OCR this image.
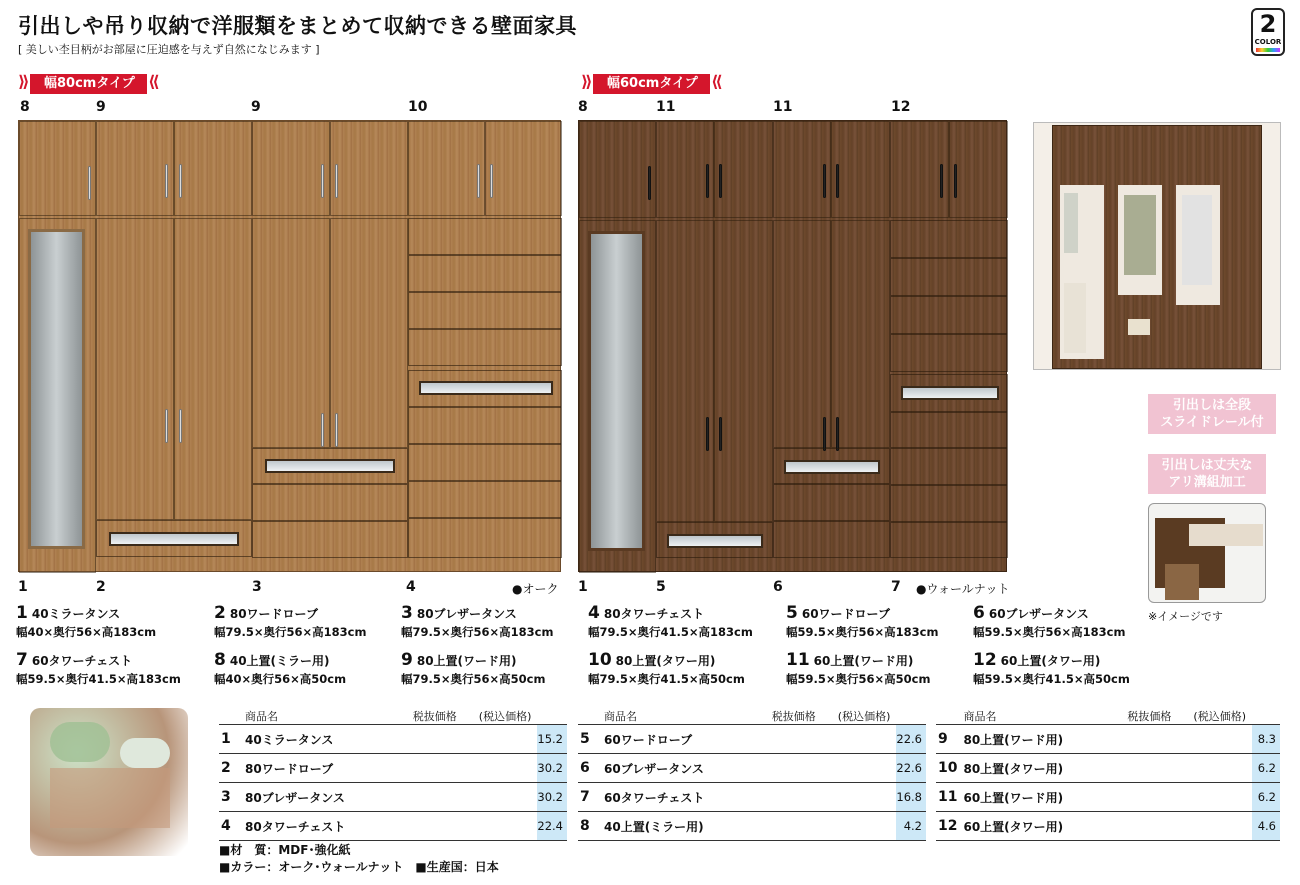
引出しや吊り収納で洋服類をまとめて収納できる壁面家具
[ 美しい杢目柄がお部屋に圧迫感を与えず自然になじみます ]
2
COLOR
⟫ 幅80cmタイプ ⟪	⟫ 幅60cmタイプ ⟪
8	9	9	10	8	11	11	12
1	2	3	4	●オーク 1	5	6	7 ●ウォールナット
引出しは全段
スライドレール付
引出しは丈夫な
アリ溝組加工
※イメージです
1 40ミラータンス
幅40×奥行56×高183cm
2 80ワードローブ
幅79.5×奥行56×高183cm
3 80ブレザータンス
幅79.5×奥行56×高183cm
4 80タワーチェスト
幅79.5×奥行41.5×高183cm
5 60ワードローブ
幅59.5×奥行56×高183cm
6 60ブレザータンス
幅59.5×奥行56×高183cm
7 60タワーチェスト
幅59.5×奥行41.5×高183cm
8 40上置(ミラー用)
幅40×奥行56×高50cm
9 80上置(ワード用)
幅79.5×奥行56×高50cm
10 80上置(タワー用)
幅79.5×奥行41.5×高50cm
11 60上置(ワード用)
幅59.5×奥行56×高50cm
12 60上置(タワー用)
幅59.5×奥行41.5×高50cm
	商品名	税抜価格　　 (税込価格)	
1	40ミラータンス		15.2
2	80ワードローブ		30.2
3	80ブレザータンス		30.2
4	80タワーチェスト		22.4
	商品名	税抜価格　　 (税込価格)	
5	60ワードローブ		22.6
6	60ブレザータンス		22.6
7	60タワーチェスト		16.8
8	40上置(ミラー用)		4.2
	商品名	税抜価格　　 (税込価格)	
9	80上置(ワード用)		8.3
10	80上置(タワー用)		6.2
11	60上置(ワード用)		6.2
12	60上置(タワー用)		4.6
■材　質：MDF･強化紙
■カラー：オーク･ウォールナット　■生産国：日本
